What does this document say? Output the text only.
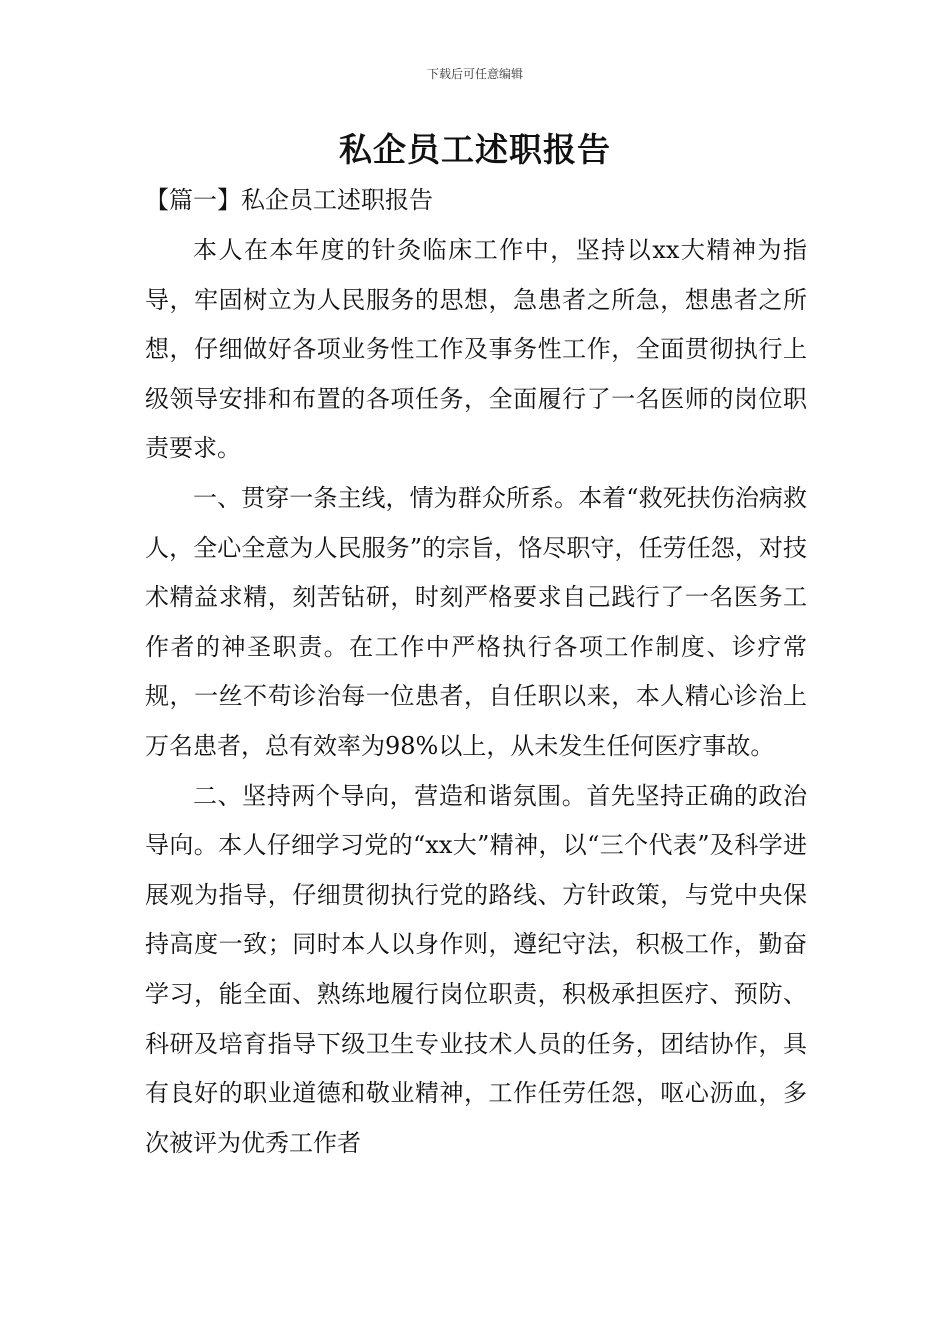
下载后可任意编辑
私企员工述职报告
【篇一】私企员工述职报告

本人在本年度的针灸临床工作中，坚持以xx大精神为指导，牢固树立为人民服务的思想，急患者之所急，想患者之所想，仔细做好各项业务性工作及事务性工作，全面贯彻执行上级领导安排和布置的各项任务，全面履行了一名医师的岗位职责要求。

一、贯穿一条主线，情为群众所系。本着“救死扶伤治病救人，全心全意为人民服务”的宗旨，恪尽职守，任劳任怨，对技术精益求精，刻苦钻研，时刻严格要求自己践行了一名医务工作者的神圣职责。在工作中严格执行各项工作制度、诊疗常规，一丝不苟诊治每一位患者，自任职以来，本人精心诊治上万名患者，总有效率为98%以上，从未发生任何医疗事故。

二、坚持两个导向，营造和谐氛围。首先坚持正确的政治导向。本人仔细学习党的“xx大”精神，以“三个代表”及科学进展观为指导，仔细贯彻执行党的路线、方针政策，与党中央保持高度一致；同时本人以身作则，遵纪守法，积极工作，勤奋学习，能全面、熟练地履行岗位职责，积极承担医疗、预防、科研及培育指导下级卫生专业技术人员的任务，团结协作，具有良好的职业道德和敬业精神，工作任劳任怨，呕心沥血，多次被评为优秀工作者
